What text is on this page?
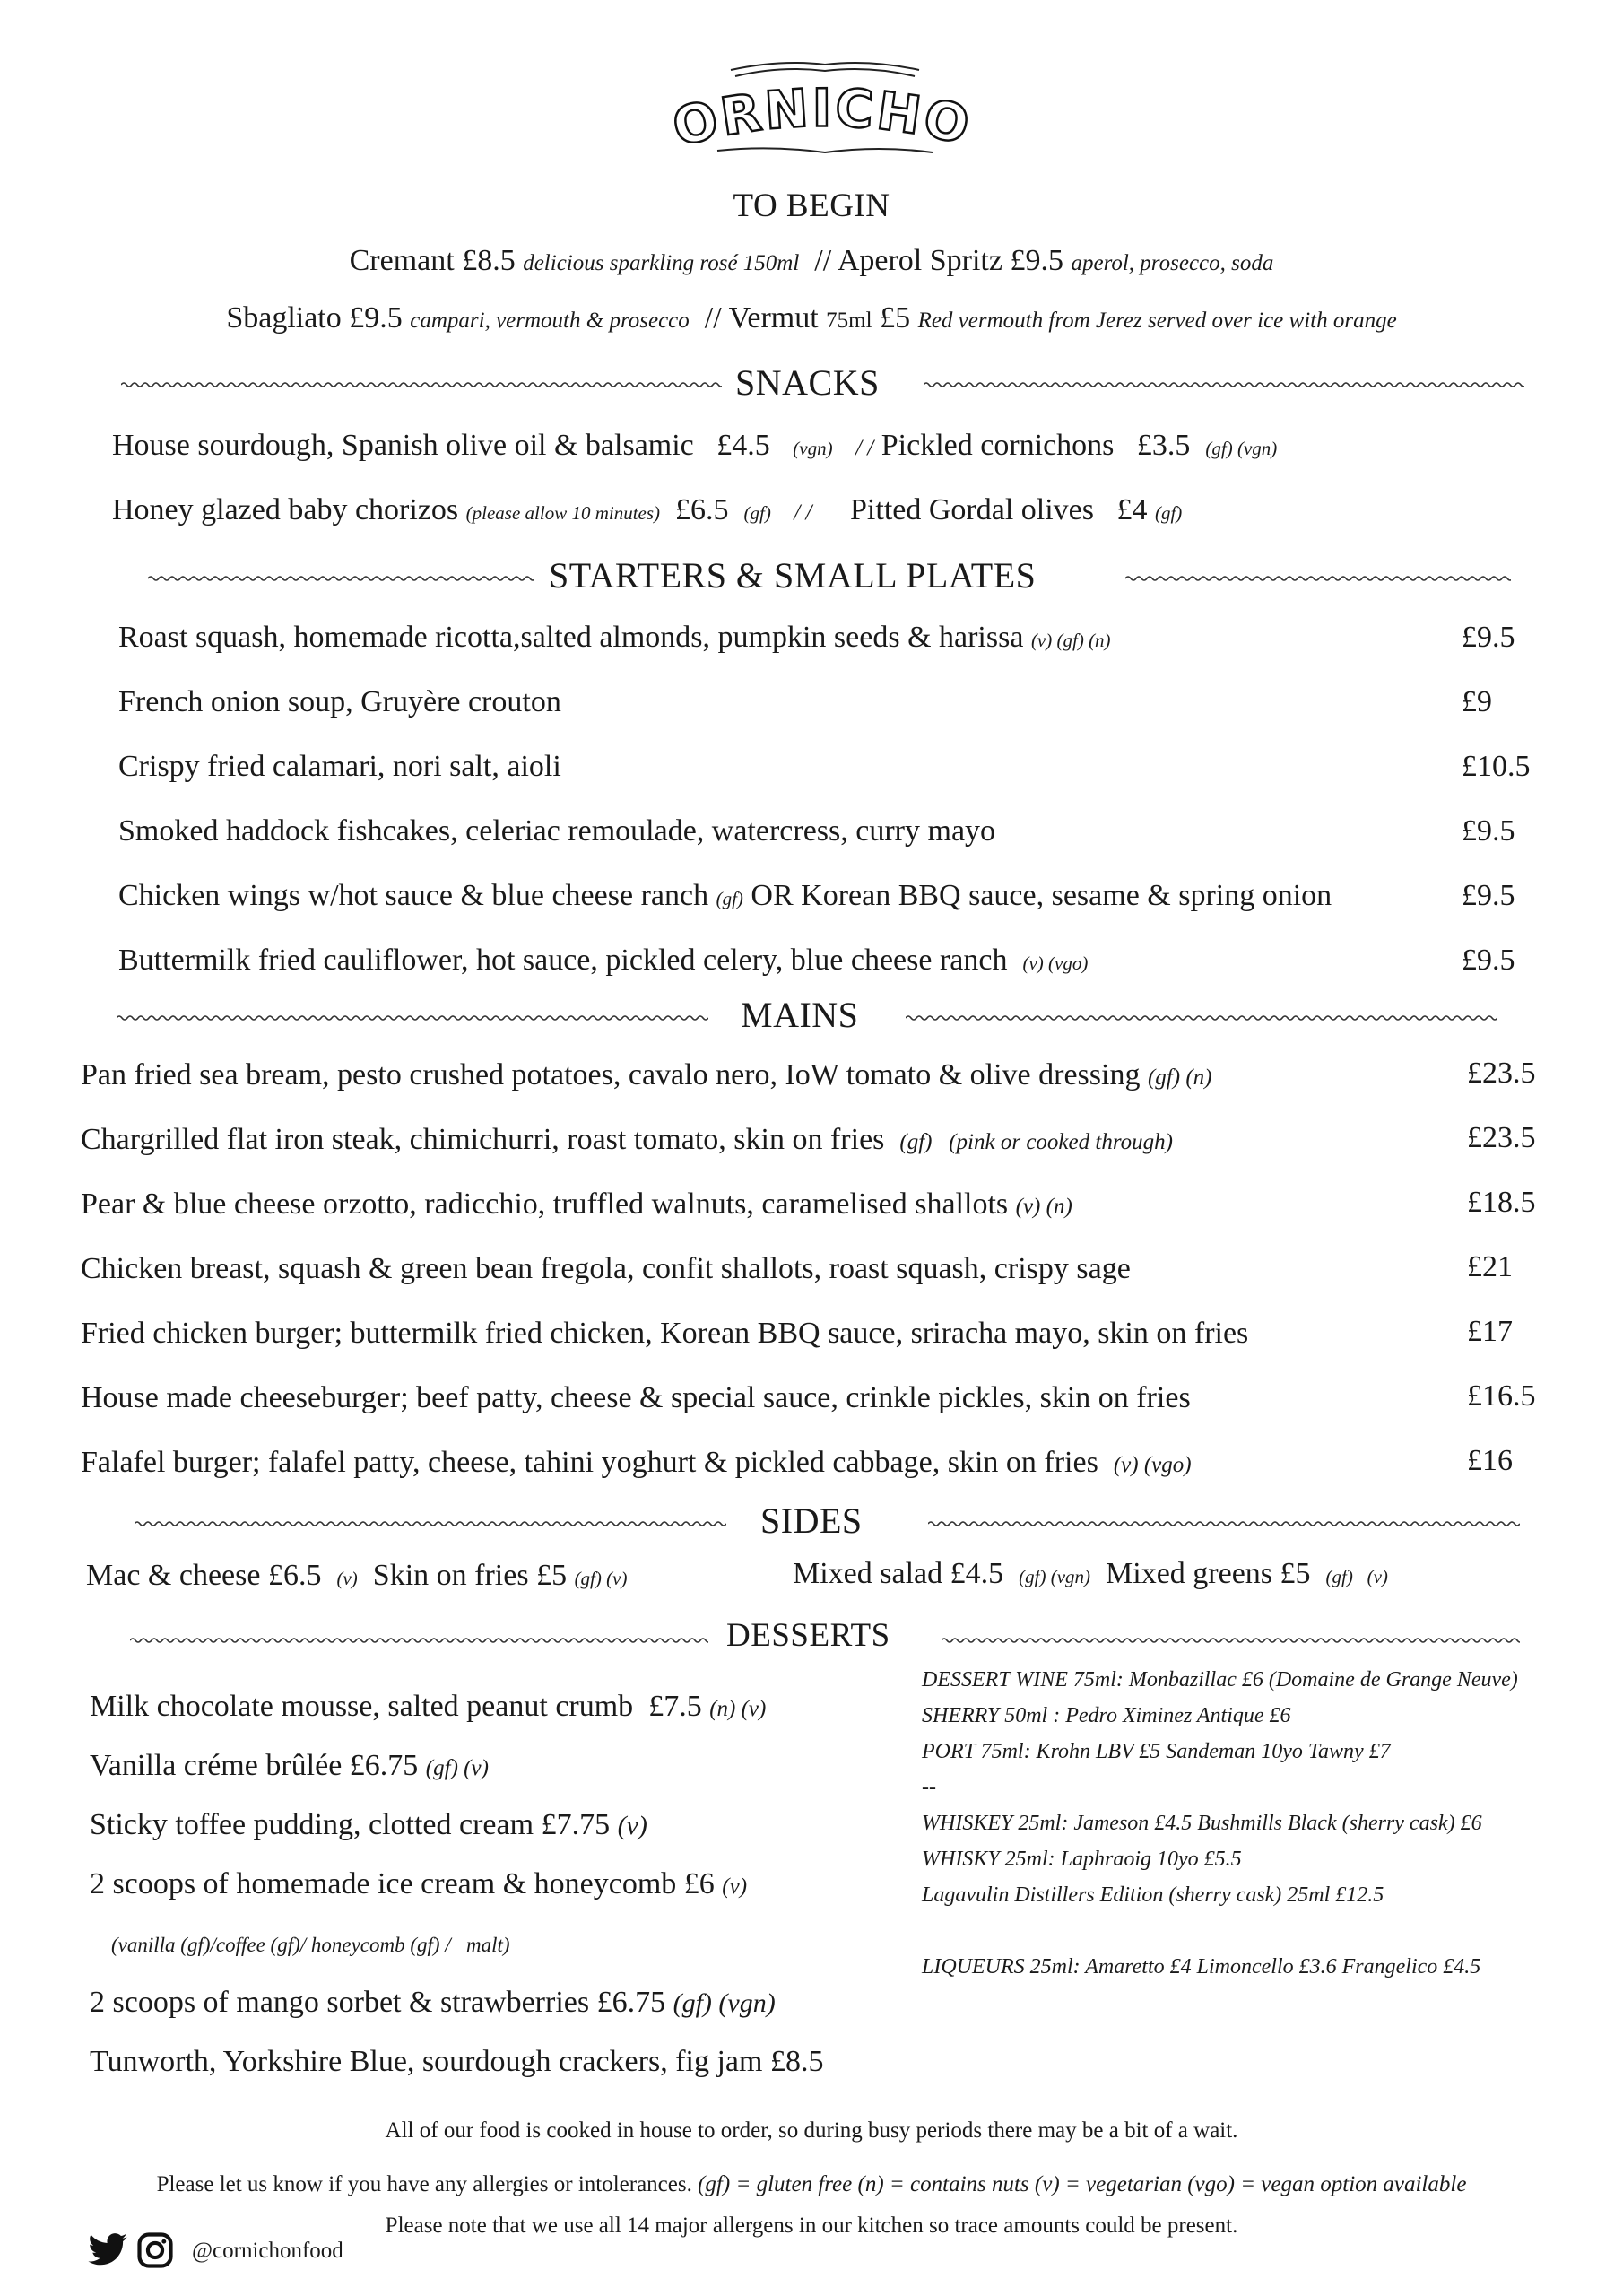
ORNICHO
TO BEGIN
Cremant £8.5 delicious sparkling rosé 150ml // Aperol Spritz £9.5 aperol, prosecco, soda
Sbagliato £9.5 campari, vermouth & prosecco // Vermut 75ml £5 Red vermouth from Jerez served over ice with orange
SNACKS
House sourdough, Spanish olive oil & balsamic £4.5 (vgn) / / Pickled cornichons £3.5 (gf) (vgn)
Honey glazed baby chorizos (please allow 10 minutes) £6.5 (gf) / / Pitted Gordal olives £4 (gf)
STARTERS & SMALL PLATES
Roast squash, homemade ricotta,salted almonds, pumpkin seeds & harissa (v) (gf) (n)	£9.5
French onion soup, Gruyère crouton	£9
Crispy fried calamari, nori salt, aioli	£10.5
Smoked haddock fishcakes, celeriac remoulade, watercress, curry mayo	£9.5
Chicken wings w/hot sauce & blue cheese ranch (gf) OR Korean BBQ sauce, sesame & spring onion	£9.5
Buttermilk fried cauliflower, hot sauce, pickled celery, blue cheese ranch (v) (vgo)	£9.5
MAINS
Pan fried sea bream, pesto crushed potatoes, cavalo nero, IoW tomato & olive dressing (gf) (n)	£23.5
Chargrilled flat iron steak, chimichurri, roast tomato, skin on fries (gf)   (pink or cooked through)	£23.5
Pear & blue cheese orzotto, radicchio, truffled walnuts, caramelised shallots (v) (n)	£18.5
Chicken breast, squash & green bean fregola, confit shallots, roast squash, crispy sage	£21
Fried chicken burger; buttermilk fried chicken, Korean BBQ sauce, sriracha mayo, skin on fries	£17
House made cheeseburger; beef patty, cheese & special sauce, crinkle pickles, skin on fries	£16.5
Falafel burger; falafel patty, cheese, tahini yoghurt & pickled cabbage, skin on fries (v) (vgo)	£16
SIDES
Mac & cheese £6.5 (v) Skin on fries £5 (gf) (v)	Mixed salad £4.5 (gf) (vgn) Mixed greens £5 (gf)   (v)
DESSERTS
Milk chocolate mousse, salted peanut crumb £7.5 (n) (v)
Vanilla créme brûlée £6.75 (gf) (v)
Sticky toffee pudding, clotted cream £7.75 (v)
2 scoops of homemade ice cream & honeycomb £6 (v)
(vanilla (gf)/coffee (gf)/ honeycomb (gf) /   malt)
2 scoops of mango sorbet & strawberries £6.75 (gf) (vgn)
Tunworth, Yorkshire Blue, sourdough crackers, fig jam £8.5
DESSERT WINE 75ml: Monbazillac £6 (Domaine de Grange Neuve)
SHERRY 50ml : Pedro Ximinez Antique £6
PORT 75ml: Krohn LBV £5 Sandeman 10yo Tawny £7
--
WHISKEY 25ml: Jameson £4.5 Bushmills Black (sherry cask) £6
WHISKY 25ml: Laphraoig 10yo £5.5
Lagavulin Distillers Edition (sherry cask) 25ml £12.5
LIQUEURS 25ml: Amaretto £4 Limoncello £3.6 Frangelico £4.5
All of our food is cooked in house to order, so during busy periods there may be a bit of a wait.
Please let us know if you have any allergies or intolerances. (gf) = gluten free (n) = contains nuts (v) = vegetarian (vgo) = vegan option available
Please note that we use all 14 major allergens in our kitchen so trace amounts could be present.
@cornichonfood
